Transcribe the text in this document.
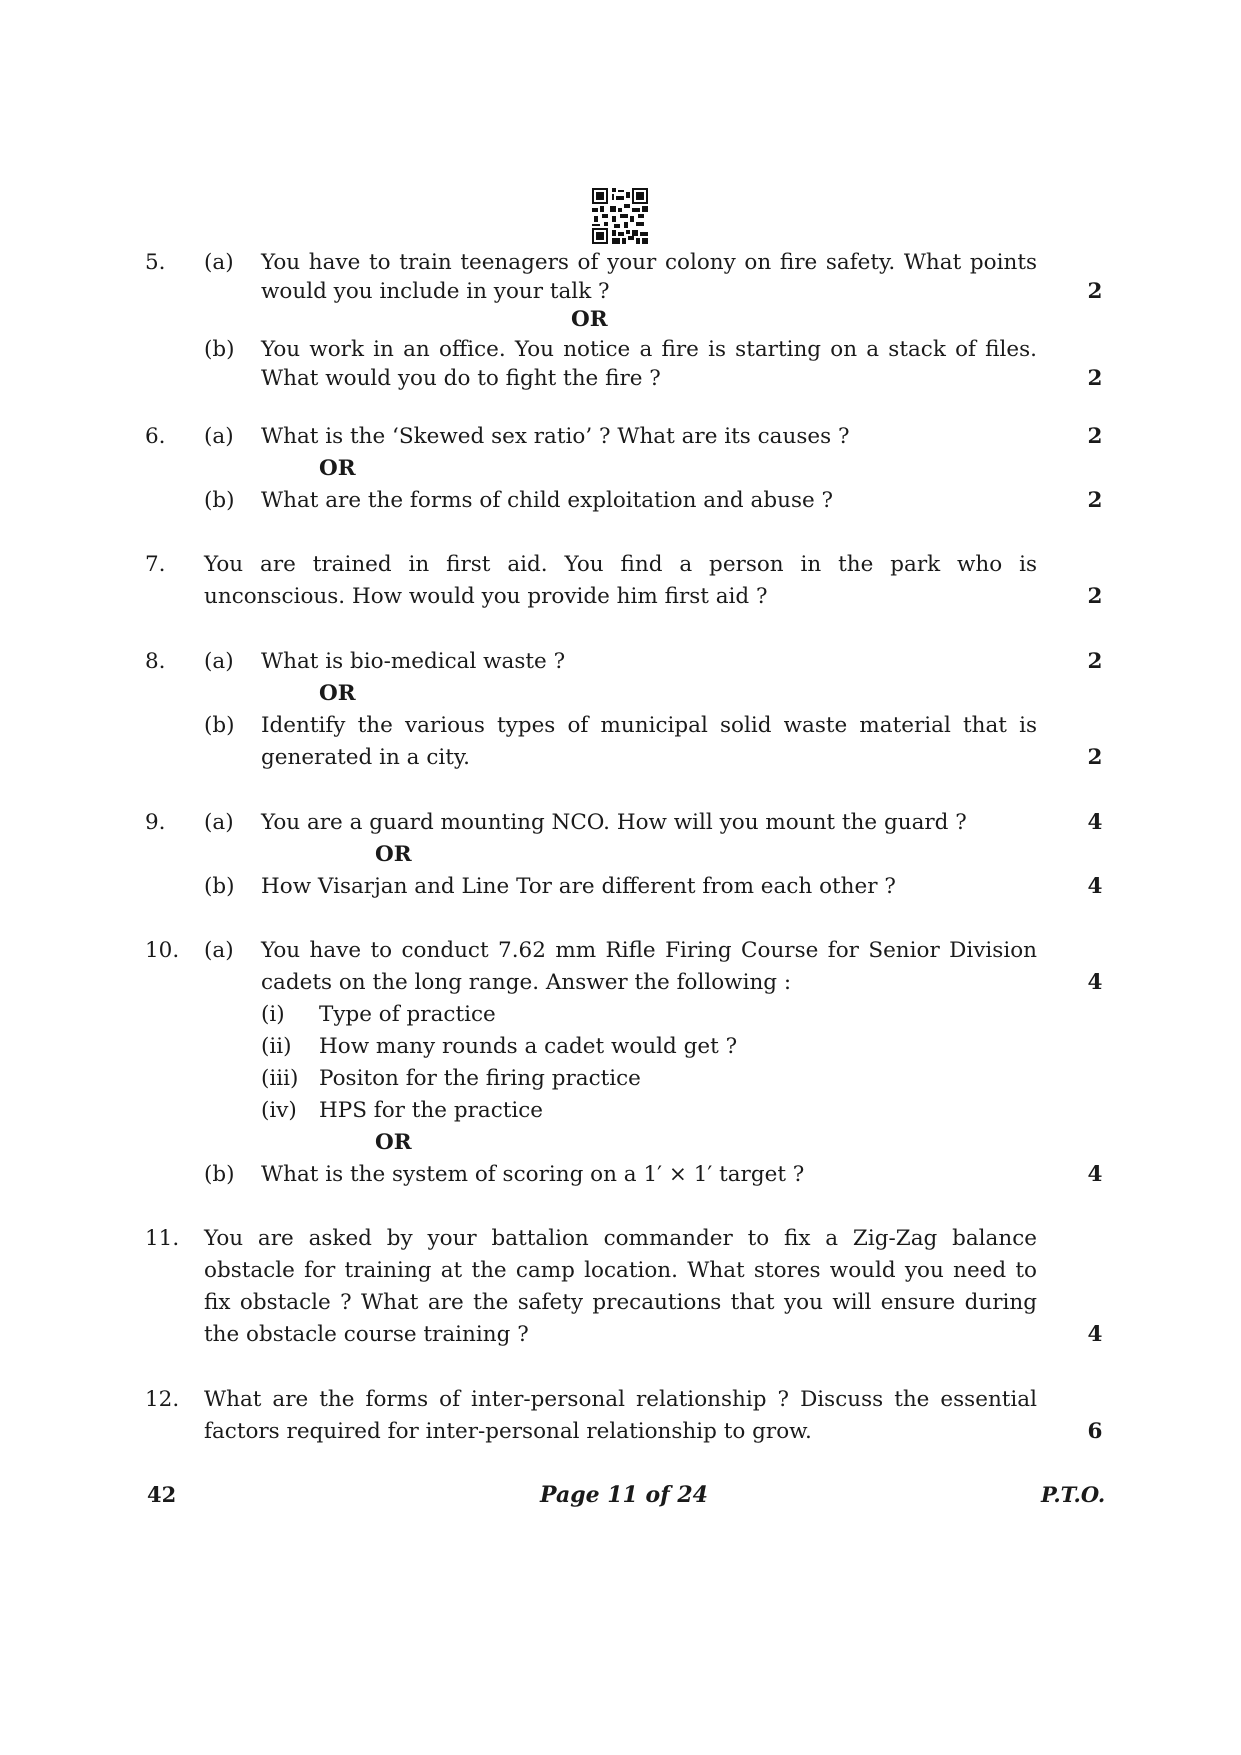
5. (a) You have to train teenagers of your colony on fire safety. What points
would you include in your talk ?	2
OR
(b) You work in an office. You notice a fire is starting on a stack of files.
What would you do to fight the fire ?	2
6. (a) What is the ‘Skewed sex ratio’ ? What are its causes ?	2
OR
(b) What are the forms of child exploitation and abuse ?	2
7. You are trained in first aid. You find a person in the park who is
unconscious. How would you provide him first aid ?	2
8. (a) What is bio-medical waste ?	2
OR
(b) Identify the various types of municipal solid waste material that is
generated in a city.	2
9. (a) You are a guard mounting NCO. How will you mount the guard ?	4
OR
(b) How Visarjan and Line Tor are different from each other ?	4
10. (a) You have to conduct 7.62 mm Rifle Firing Course for Senior Division
cadets on the long range. Answer the following :	4
(i) Type of practice
(ii) How many rounds a cadet would get ?
(iii) Positon for the firing practice
(iv) HPS for the practice
OR
(b) What is the system of scoring on a 1′ × 1′ target ?	4
11. You are asked by your battalion commander to fix a Zig-Zag balance
obstacle for training at the camp location. What stores would you need to
fix obstacle ? What are the safety precautions that you will ensure during
the obstacle course training ?	4
12. What are the forms of inter-personal relationship ? Discuss the essential
factors required for inter-personal relationship to grow.	6
42	Page 11 of 24	P.T.O.
